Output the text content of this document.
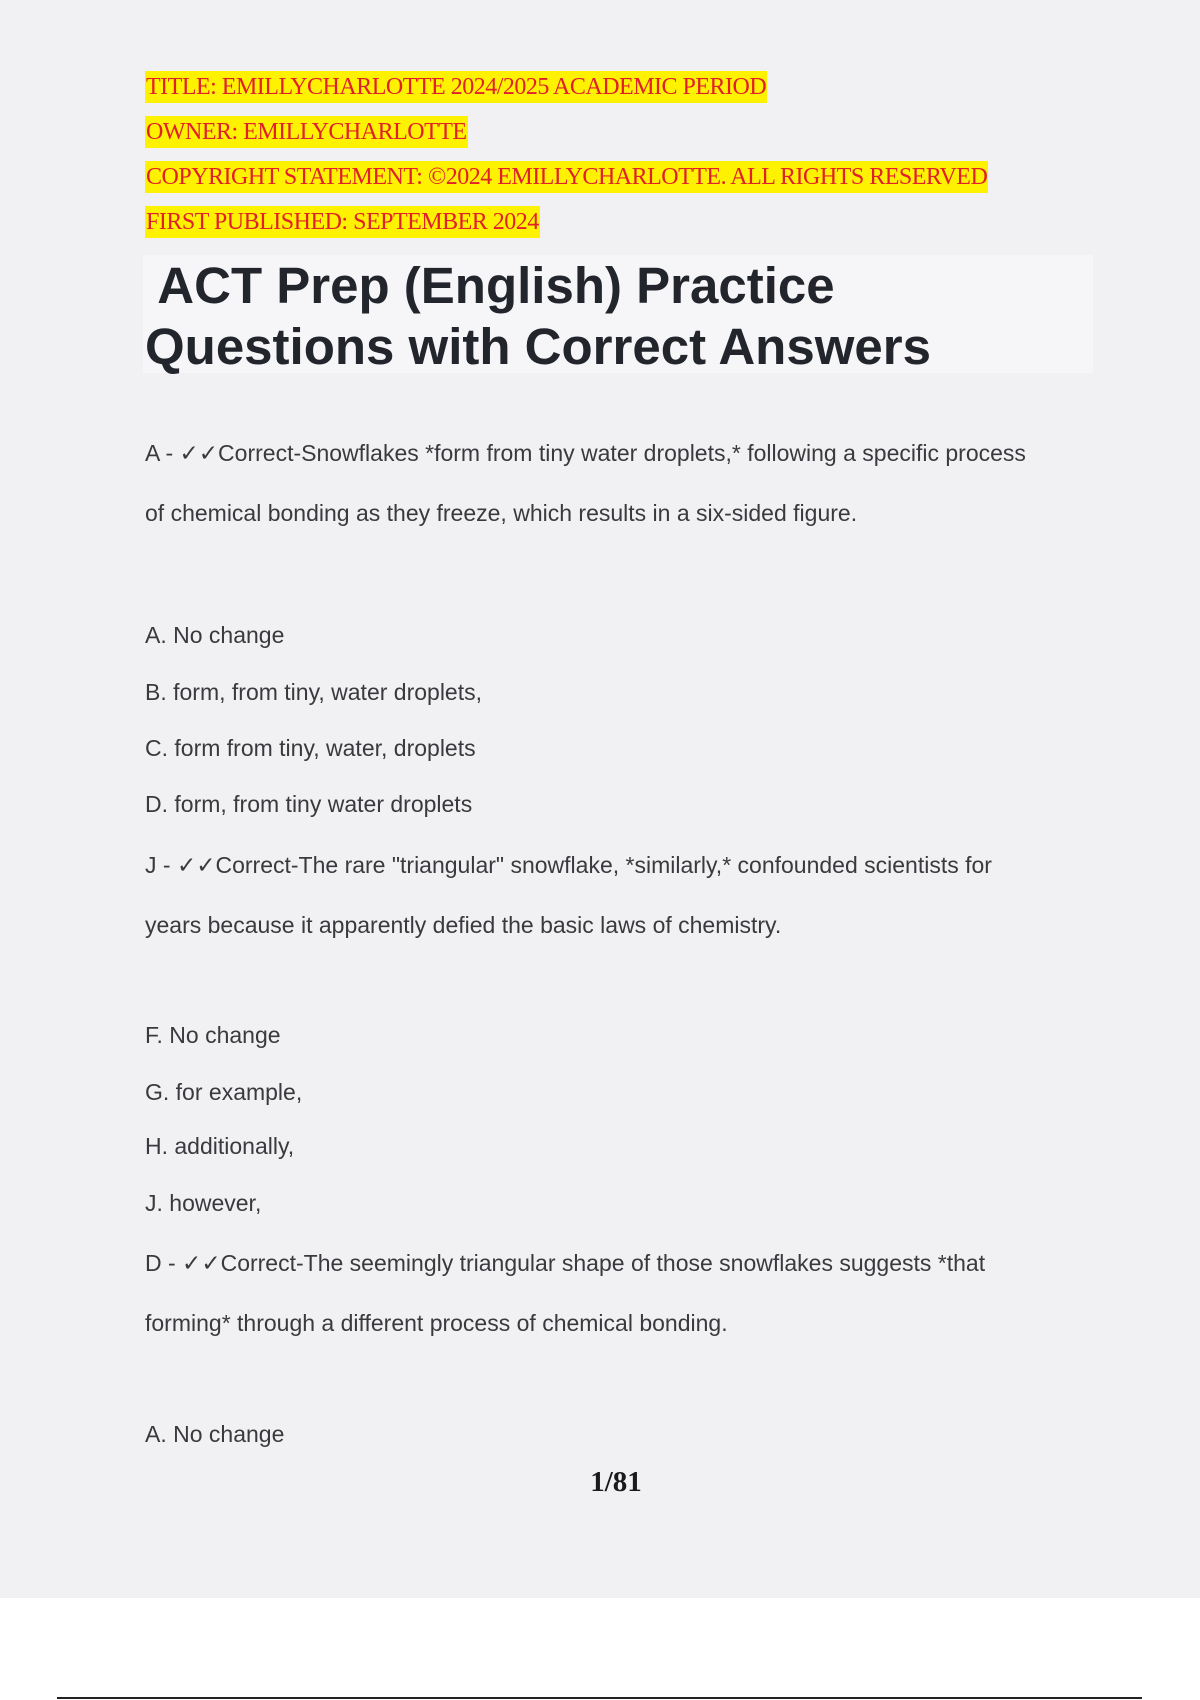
TITLE: EMILLYCHARLOTTE 2024/2025 ACADEMIC PERIOD
OWNER: EMILLYCHARLOTTE
COPYRIGHT STATEMENT: ©2024 EMILLYCHARLOTTE. ALL RIGHTS RESERVED
FIRST PUBLISHED: SEPTEMBER 2024
ACT Prep (English) Practice
Questions with Correct Answers
A - ✓✓Correct-Snowflakes *form from tiny water droplets,* following a specific process
of chemical bonding as they freeze, which results in a six-sided figure.
A. No change
B. form, from tiny, water droplets,
C. form from tiny, water, droplets
D. form, from tiny water droplets
J - ✓✓Correct-The rare "triangular" snowflake, *similarly,* confounded scientists for
years because it apparently defied the basic laws of chemistry.
F. No change
G. for example,
H. additionally,
J. however,
D - ✓✓Correct-The seemingly triangular shape of those snowflakes suggests *that
forming* through a different process of chemical bonding.
A. No change
1/81
